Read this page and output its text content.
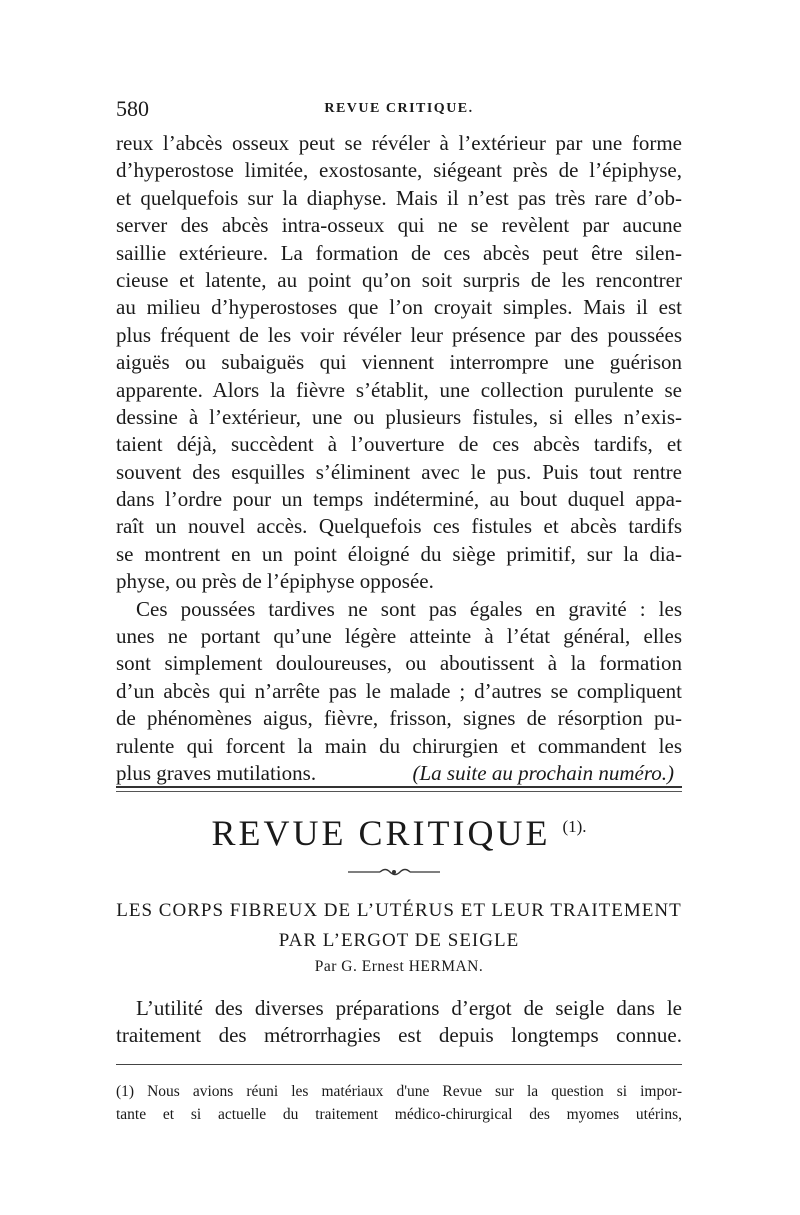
580	REVUE CRITIQUE.
reux l’abcès osseux peut se révéler à l’extérieur par une forme
d’hyperostose limitée, exostosante, siégeant près de l’épiphyse,
et quelquefois sur la diaphyse. Mais il n’est pas très rare d’ob-
server des abcès intra-osseux qui ne se revèlent par aucune
saillie extérieure. La formation de ces abcès peut être silen-
cieuse et latente, au point qu’on soit surpris de les rencontrer
au milieu d’hyperostoses que l’on croyait simples. Mais il est
plus fréquent de les voir révéler leur présence par des poussées
aiguës ou subaiguës qui viennent interrompre une guérison
apparente. Alors la fièvre s’établit, une collection purulente se
dessine à l’extérieur, une ou plusieurs fistules, si elles n’exis-
taient déjà, succèdent à l’ouverture de ces abcès tardifs, et
souvent des esquilles s’éliminent avec le pus. Puis tout rentre
dans l’ordre pour un temps indéterminé, au bout duquel appa-
raît un nouvel accès. Quelquefois ces fistules et abcès tardifs
se montrent en un point éloigné du siège primitif, sur la dia-
physe, ou près de l’épiphyse opposée.
Ces poussées tardives ne sont pas égales en gravité : les
unes ne portant qu’une légère atteinte à l’état général, elles
sont simplement douloureuses, ou aboutissent à la formation
d’un abcès qui n’arrête pas le malade ; d’autres se compliquent
de phénomènes aigus, fièvre, frisson, signes de résorption pu-
rulente qui forcent la main du chirurgien et commandent les
plus graves mutilations.	(La suite au prochain numéro.)
REVUE CRITIQUE $^{(1).}$
LES CORPS FIBREUX DE L’UTÉRUS ET LEUR TRAITEMENT
PAR L’ERGOT DE SEIGLE
Par G. Ernest HERMAN.
L’utilité des diverses préparations d’ergot de seigle dans le
traitement des métrorrhagies est depuis longtemps connue.
(1) Nous avions réuni les matériaux d'une Revue sur la question si impor-
tante et si actuelle du traitement médico-chirurgical des myomes utérins,
